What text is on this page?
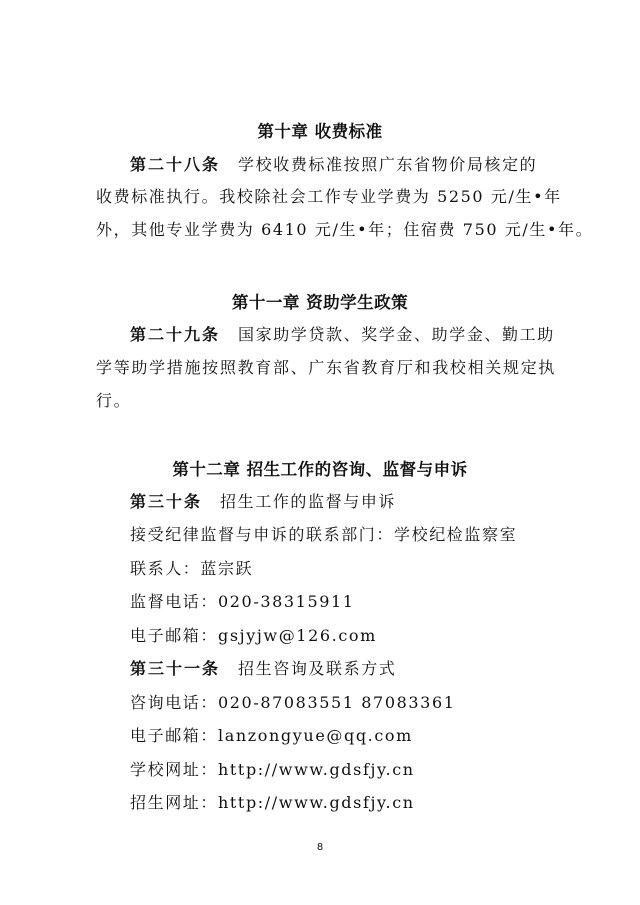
第十章 收费标准
第二十八条 学校收费标准按照广东省物价局核定的
收费标准执行。我校除社会工作专业学费为 5250 元/生•年
外，其他专业学费为 6410 元/生•年；住宿费 750 元/生•年。
第十一章 资助学生政策
第二十九条 国家助学贷款、奖学金、助学金、勤工助
学等助学措施按照教育部、广东省教育厅和我校相关规定执
行。
第十二章 招生工作的咨询、监督与申诉
第三十条 招生工作的监督与申诉
接受纪律监督与申诉的联系部门：学校纪检监察室
联系人：蓝宗跃
监督电话：020-38315911
电子邮箱：gsjyjw@126.com
第三十一条 招生咨询及联系方式
咨询电话：020-87083551 87083361
电子邮箱：lanzongyue@qq.com
学校网址：http://www.gdsfjy.cn
招生网址：http://www.gdsfjy.cn
8
